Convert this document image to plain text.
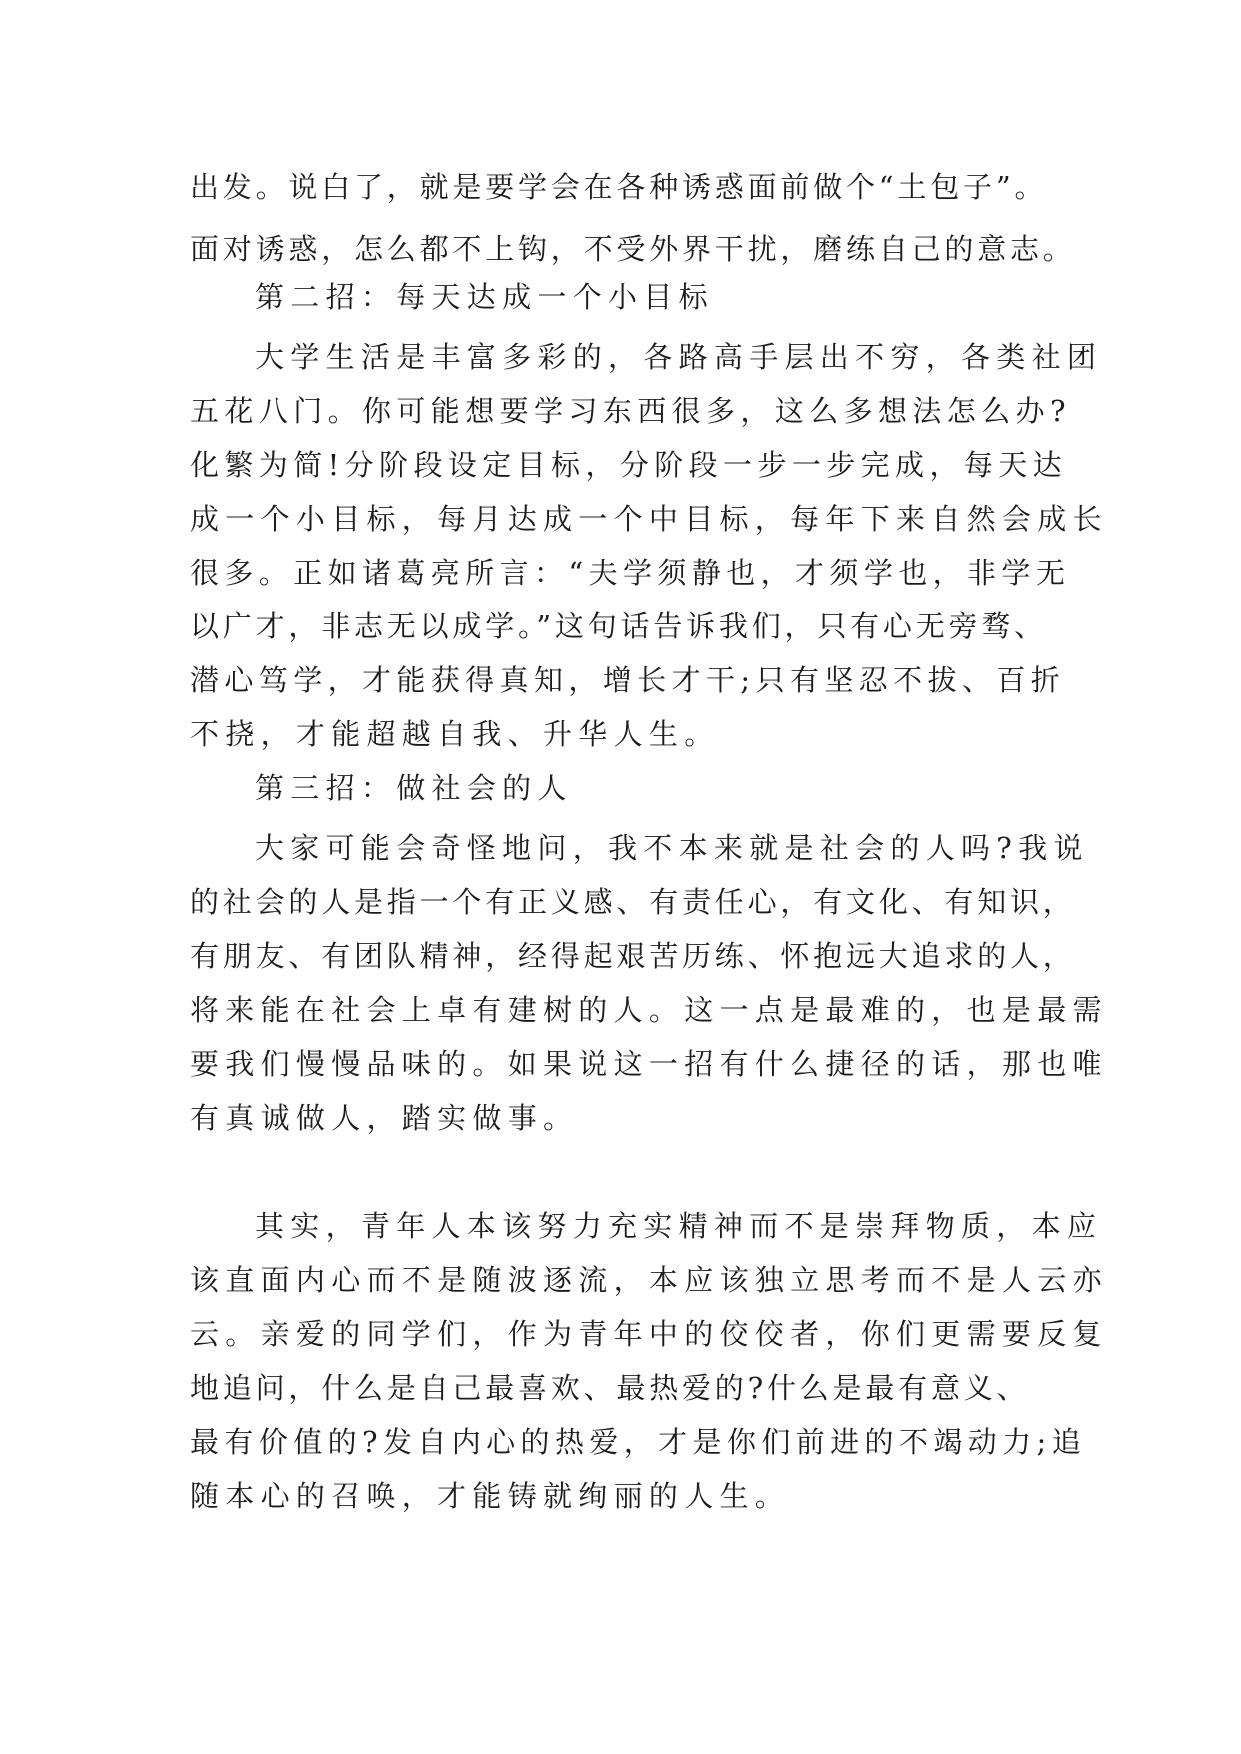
出发。说白了，就是要学会在各种诱惑面前做个“土包子”。
面对诱惑，怎么都不上钩，不受外界干扰，磨练自己的意志。
第二招：每天达成一个小目标
大学生活是丰富多彩的，各路高手层出不穷，各类社团
五花八门。你可能想要学习东西很多，这么多想法怎么办?
化繁为简!分阶段设定目标，分阶段一步一步完成，每天达
成一个小目标，每月达成一个中目标，每年下来自然会成长
很多。正如诸葛亮所言：“夫学须静也，才须学也，非学无
以广才，非志无以成学。”这句话告诉我们，只有心无旁骛、
潜心笃学，才能获得真知，增长才干;只有坚忍不拔、百折
不挠，才能超越自我、升华人生。
第三招：做社会的人
大家可能会奇怪地问，我不本来就是社会的人吗?我说
的社会的人是指一个有正义感、有责任心，有文化、有知识，
有朋友、有团队精神，经得起艰苦历练、怀抱远大追求的人，
将来能在社会上卓有建树的人。这一点是最难的，也是最需
要我们慢慢品味的。如果说这一招有什么捷径的话，那也唯
有真诚做人，踏实做事。
其实，青年人本该努力充实精神而不是崇拜物质，本应
该直面内心而不是随波逐流，本应该独立思考而不是人云亦
云。亲爱的同学们，作为青年中的佼佼者，你们更需要反复
地追问，什么是自己最喜欢、最热爱的?什么是最有意义、
最有价值的?发自内心的热爱，才是你们前进的不竭动力;追
随本心的召唤，才能铸就绚丽的人生。
